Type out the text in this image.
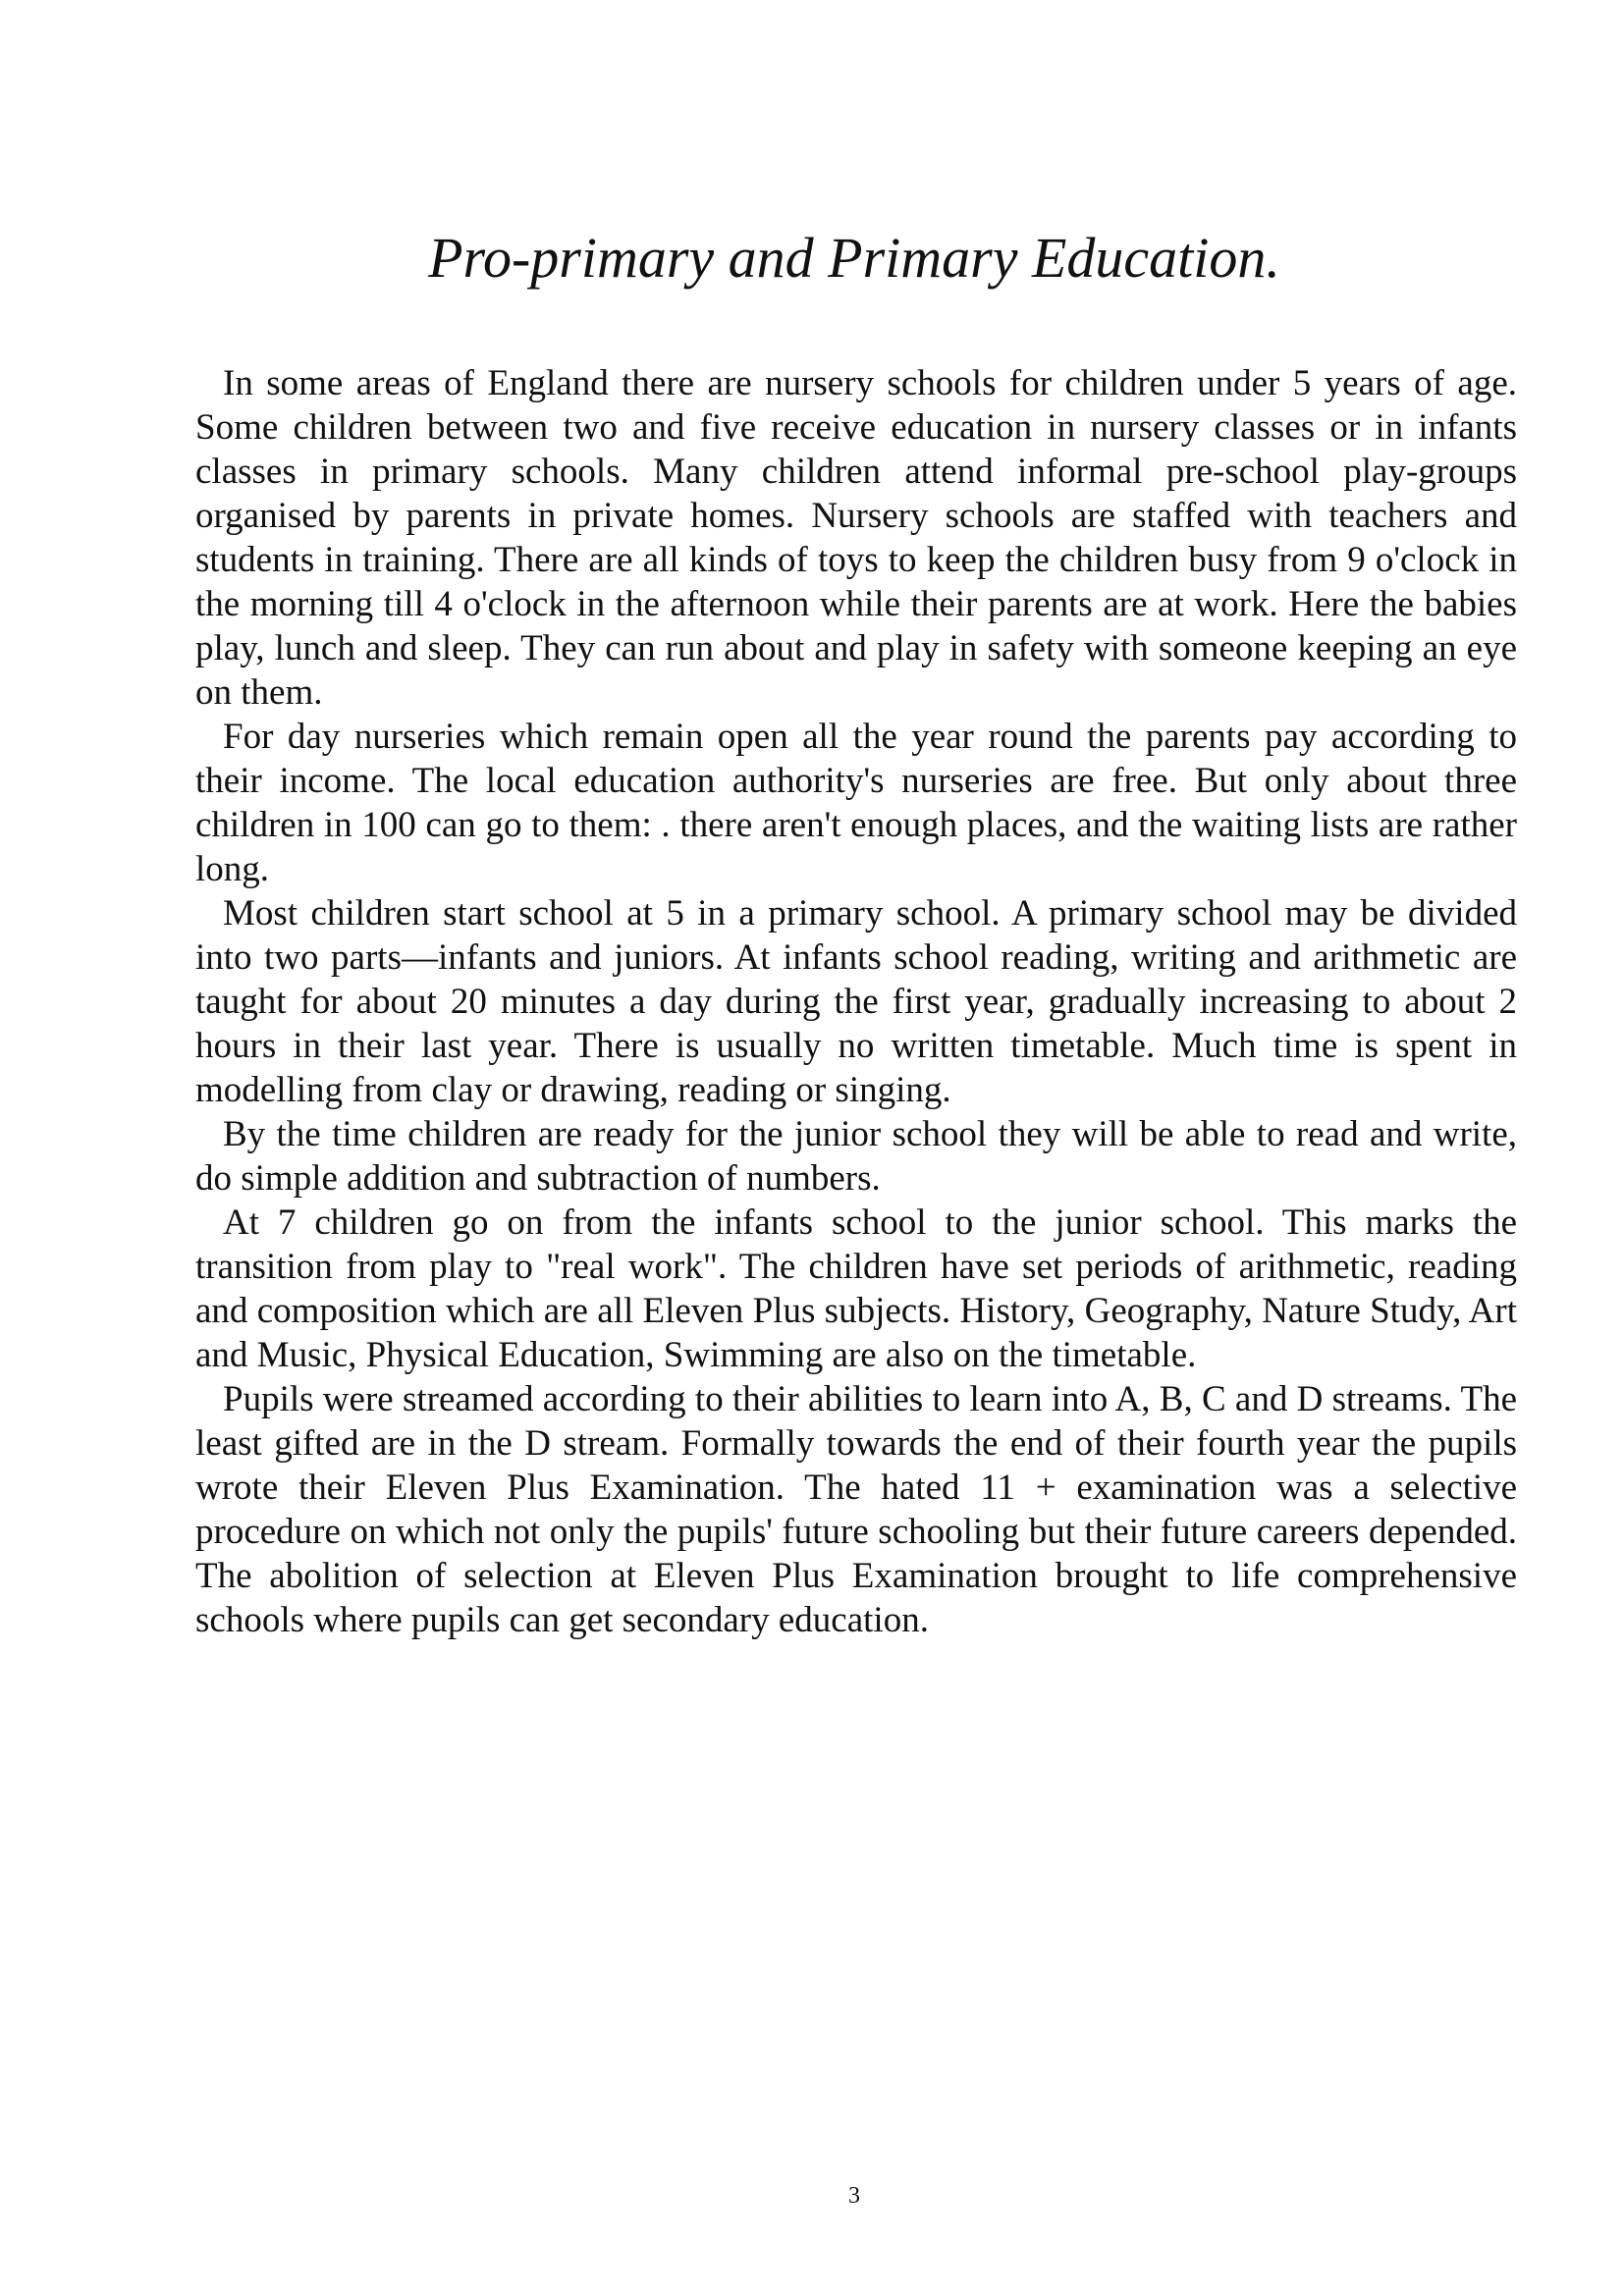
Pro-primary and Primary Education.

In some areas of England there are nursery schools for children under 5 years of age. Some children between two and five receive education in nursery classes or in infants classes in primary schools. Many children attend informal pre-school play-groups organised by parents in private homes. Nursery schools are staffed with teachers and students in training. There are all kinds of toys to keep the children busy from 9 o'clock in the morning till 4 o'clock in the afternoon while their parents are at work. Here the babies play, lunch and sleep. They can run about and play in safety with someone keeping an eye on them.

For day nurseries which remain open all the year round the parents pay according to their income. The local education authority's nurseries are free. But only about three children in 100 can go to them: . there aren't enough places, and the waiting lists are rather long.

Most children start school at 5 in a primary school. A primary school may be divided into two parts—infants and juniors. At infants school reading, writing and arithmetic are taught for about 20 minutes a day during the first year, gradually increasing to about 2 hours in their last year. There is usually no written timetable. Much time is spent in modelling from clay or drawing, reading or singing.

By the time children are ready for the junior school they will be able to read and write, do simple addition and subtraction of numbers.

At 7 children go on from the infants school to the junior school. This marks the transition from play to "real work". The children have set periods of arithmetic, reading and composition which are all Eleven Plus subjects. History, Geography, Nature Study, Art and Music, Physical Education, Swimming are also on the timetable.

Pupils were streamed according to their abilities to learn into A, B, C and D streams. The least gifted are in the D stream. Formally towards the end of their fourth year the pupils wrote their Eleven Plus Examination. The hated 11 + examination was a selective procedure on which not only the pupils' future schooling but their future careers depended. The abolition of selection at Eleven Plus Examination brought to life comprehensive schools where pupils can get secondary education.

3
